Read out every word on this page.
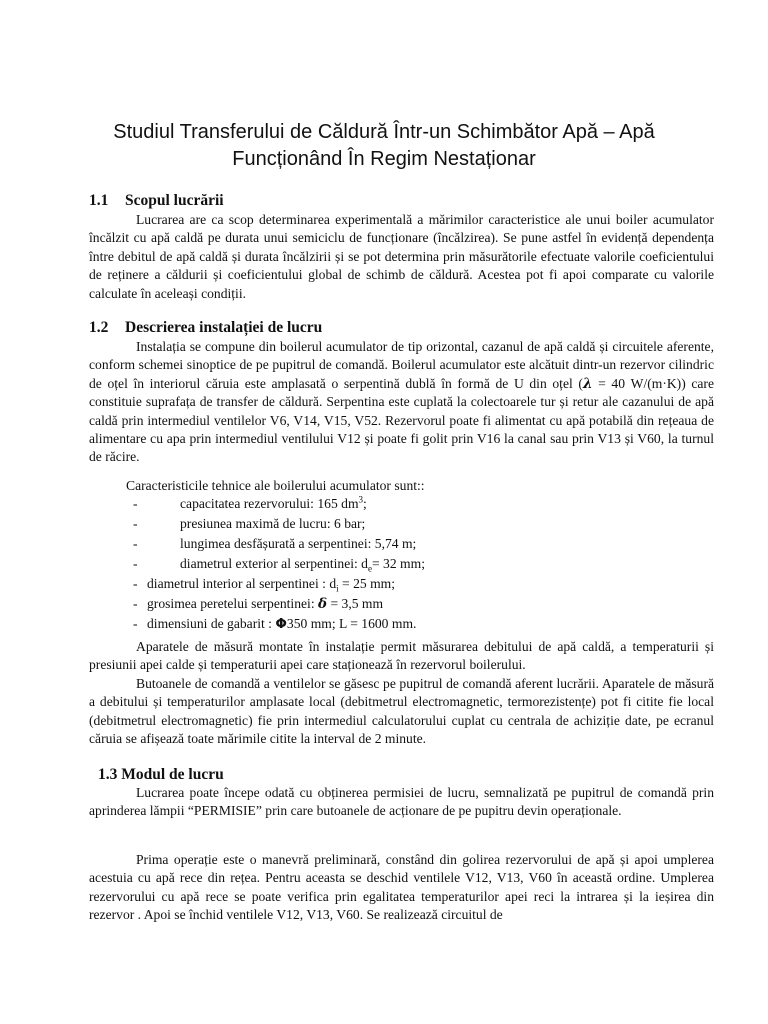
Studiul Transferului de Căldură Într-un Schimbător Apă – Apă
Funcționând În Regim Nestaționar
1.1 Scopul lucrării
Lucrarea are ca scop determinarea experimentală a mărimilor caracteristice ale unui boiler acumulator încălzit cu apă caldă pe durata unui semiciclu de funcționare (încălzirea). Se pune astfel în evidență dependența între debitul de apă caldă și durata încălzirii și se pot determina prin măsurătorile efectuate valorile coeficientului de reținere a căldurii și coeficientului global de schimb de căldură. Acestea pot fi apoi comparate cu valorile calculate în aceleași condiții.
1.2 Descrierea instalației de lucru
Instalația se compune din boilerul acumulator de tip orizontal, cazanul de apă caldă și circuitele aferente, conform schemei sinoptice de pe pupitrul de comandă. Boilerul acumulator este alcătuit dintr-un rezervor cilindric de oțel în interiorul căruia este amplasată o serpentină dublă în formă de U din oțel (λ = 40 W/(m·K)) care constituie suprafața de transfer de căldură. Serpentina este cuplată la colectoarele tur și retur ale cazanului de apă caldă prin intermediul ventilelor V6, V14, V15, V52. Rezervorul poate fi alimentat cu apă potabilă din rețeaua de alimentare cu apa prin intermediul ventilului V12 și poate fi golit prin V16 la canal sau prin V13 și V60, la turnul de răcire.
Caracteristicile tehnice ale boilerului acumulator sunt::
-	capacitatea rezervorului: 165 $dm^3$;
-	presiunea maximă de lucru: 6 bar;
-	lungimea desfășurată a serpentinei: 5,74 m;
-	diametrul exterior al serpentinei: $d_e= 32$ mm;
- diametrul interior al serpentinei : $d_i = 25$ mm;
- grosimea peretelui serpentinei: δ = 3,5 mm
- dimensiuni de gabarit : Φ350 mm; L = 1600 mm.
Aparatele de măsură montate în instalație permit măsurarea debitului de apă caldă, a temperaturii și presiunii apei calde și temperaturii apei care staționează în rezervorul boilerului.
Butoanele de comandă a ventilelor se găsesc pe pupitrul de comandă aferent lucrării. Aparatele de măsură a debitului și temperaturilor amplasate local (debitmetrul electromagnetic, termorezistențe) pot fi citite fie local (debitmetrul electromagnetic) fie prin intermediul calculatorului cuplat cu centrala de achiziție date, pe ecranul căruia se afișează toate mărimile citite la interval de 2 minute.
1.3 Modul de lucru
Lucrarea poate începe odată cu obținerea permisiei de lucru, semnalizată pe pupitrul de comandă prin aprinderea lămpii “PERMISIE” prin care butoanele de acționare de pe pupitru devin operaționale.
Prima operație este o manevră preliminară, constând din golirea rezervorului de apă și apoi umplerea acestuia cu apă rece din rețea. Pentru aceasta se deschid ventilele V12, V13, V60 în această ordine. Umplerea rezervorului cu apă rece se poate verifica prin egalitatea temperaturilor apei reci la intrarea și la ieșirea din rezervor . Apoi se închid ventilele V12, V13, V60. Se realizează circuitul de
